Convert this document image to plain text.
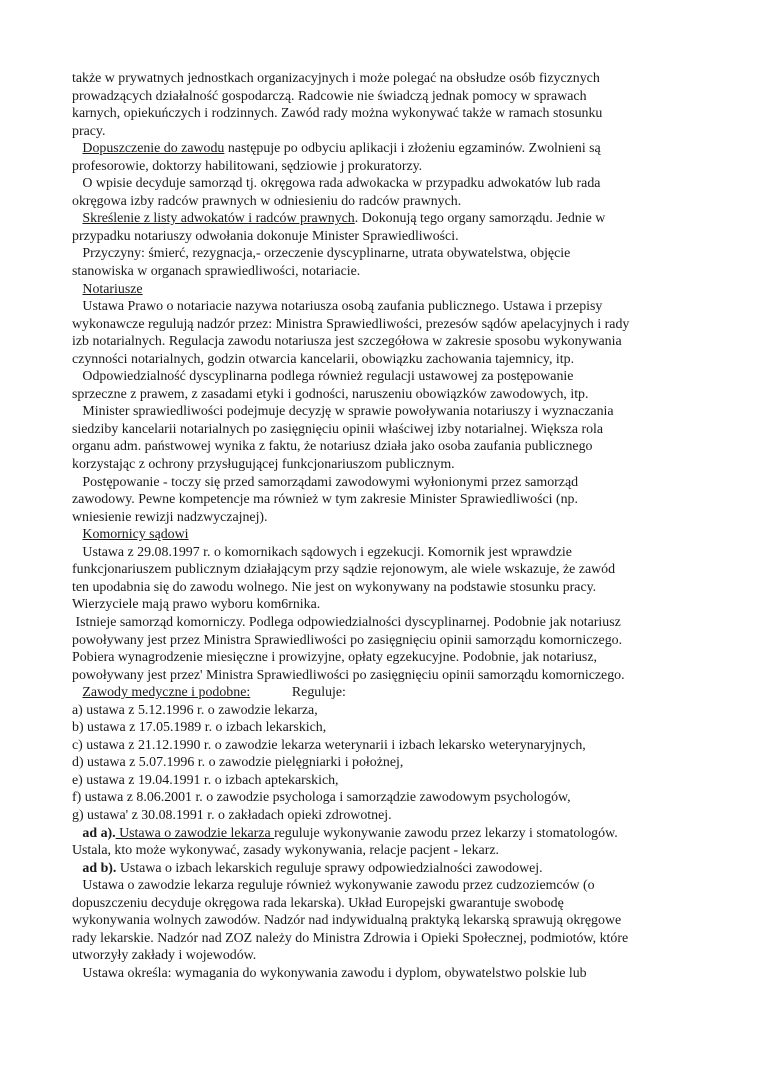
także w prywatnych jednostkach organizacyjnych i może polegać na obsłudze osób fizycznych
prowadzących działalność gospodarczą. Radcowie nie świadczą jednak pomocy w sprawach
karnych, opiekuńczych i rodzinnych. Zawód rady można wykonywać także w ramach stosunku
pracy.
Dopuszczenie do zawodu następuje po odbyciu aplikacji i złożeniu egzaminów. Zwolnieni są
profesorowie, doktorzy habilitowani, sędziowie j prokuratorzy.
O wpisie decyduje samorząd tj. okręgowa rada adwokacka w przypadku adwokatów lub rada
okręgowa izby radców prawnych w odniesieniu do radców prawnych.
Skreślenie z listy adwokatów i radców prawnych. Dokonują tego organy samorządu. Jednie w
przypadku notariuszy odwołania dokonuje Minister Sprawiedliwości.
Przyczyny: śmierć, rezygnacja,- orzeczenie dyscyplinarne, utrata obywatelstwa, objęcie
stanowiska w organach sprawiedliwości, notariacie.
Notariusze
Ustawa Prawo o notariacie nazywa notariusza osobą zaufania publicznego. Ustawa i przepisy
wykonawcze regulują nadzór przez: Ministra Sprawiedliwości, prezesów sądów apelacyjnych i rady
izb notarialnych. Regulacja zawodu notariusza jest szczegółowa w zakresie sposobu wykonywania
czynności notarialnych, godzin otwarcia kancelarii, obowiązku zachowania tajemnicy, itp.
Odpowiedzialność dyscyplinarna podlega również regulacji ustawowej za postępowanie
sprzeczne z prawem, z zasadami etyki i godności, naruszeniu obowiązków zawodowych, itp.
Minister sprawiedliwości podejmuje decyzję w sprawie powoływania notariuszy i wyznaczania
siedziby kancelarii notarialnych po zasięgnięciu opinii właściwej izby notarialnej. Większa rola
organu adm. państwowej wynika z faktu, że notariusz działa jako osoba zaufania publicznego
korzystając z ochrony przysługującej funkcjonariuszom publicznym.
Postępowanie - toczy się przed samorządami zawodowymi wyłonionymi przez samorząd
zawodowy. Pewne kompetencje ma również w tym zakresie Minister Sprawiedliwości (np.
wniesienie rewizji nadzwyczajnej).
Komornicy sądowi
Ustawa z 29.08.1997 r. o komornikach sądowych i egzekucji. Komornik jest wprawdzie
funkcjonariuszem publicznym działającym przy sądzie rejonowym, ale wiele wskazuje, że zawód
ten upodabnia się do zawodu wolnego. Nie jest on wykonywany na podstawie stosunku pracy.
Wierzyciele mają prawo wyboru kom6rnika.
Istnieje samorząd komorniczy. Podlega odpowiedzialności dyscyplinarnej. Podobnie jak notariusz
powoływany jest przez Ministra Sprawiedliwości po zasięgnięciu opinii samorządu komorniczego.
Pobiera wynagrodzenie miesięczne i prowizyjne, opłaty egzekucyjne. Podobnie, jak notariusz,
powoływany jest przez' Ministra Sprawiedliwości po zasięgnięciu opinii samorządu komorniczego.
Zawody medyczne i podobne:            Reguluje:
a) ustawa z 5.12.1996 r. o zawodzie lekarza,
b) ustawa z 17.05.1989 r. o izbach lekarskich,
c) ustawa z 21.12.1990 r. o zawodzie lekarza weterynarii i izbach lekarsko weterynaryjnych,
d) ustawa z 5.07.1996 r. o zawodzie pielęgniarki i położnej,
e) ustawa z 19.04.1991 r. o izbach aptekarskich,
f) ustawa z 8.06.2001 r. o zawodzie psychologa i samorządzie zawodowym psychologów,
g) ustawa' z 30.08.1991 r. o zakładach opieki zdrowotnej.
ad a). Ustawa o zawodzie lekarza reguluje wykonywanie zawodu przez lekarzy i stomatologów.
Ustala, kto może wykonywać, zasady wykonywania, relacje pacjent - lekarz.
ad b). Ustawa o izbach lekarskich reguluje sprawy odpowiedzialności zawodowej.
Ustawa o zawodzie lekarza reguluje również wykonywanie zawodu przez cudzoziemców (o
dopuszczeniu decyduje okręgowa rada lekarska). Układ Europejski gwarantuje swobodę
wykonywania wolnych zawodów. Nadzór nad indywidualną praktyką lekarską sprawują okręgowe
rady lekarskie. Nadzór nad ZOZ należy do Ministra Zdrowia i Opieki Społecznej, podmiotów, które
utworzyły zakłady i wojewodów.
Ustawa określa: wymagania do wykonywania zawodu i dyplom, obywatelstwo polskie lub
